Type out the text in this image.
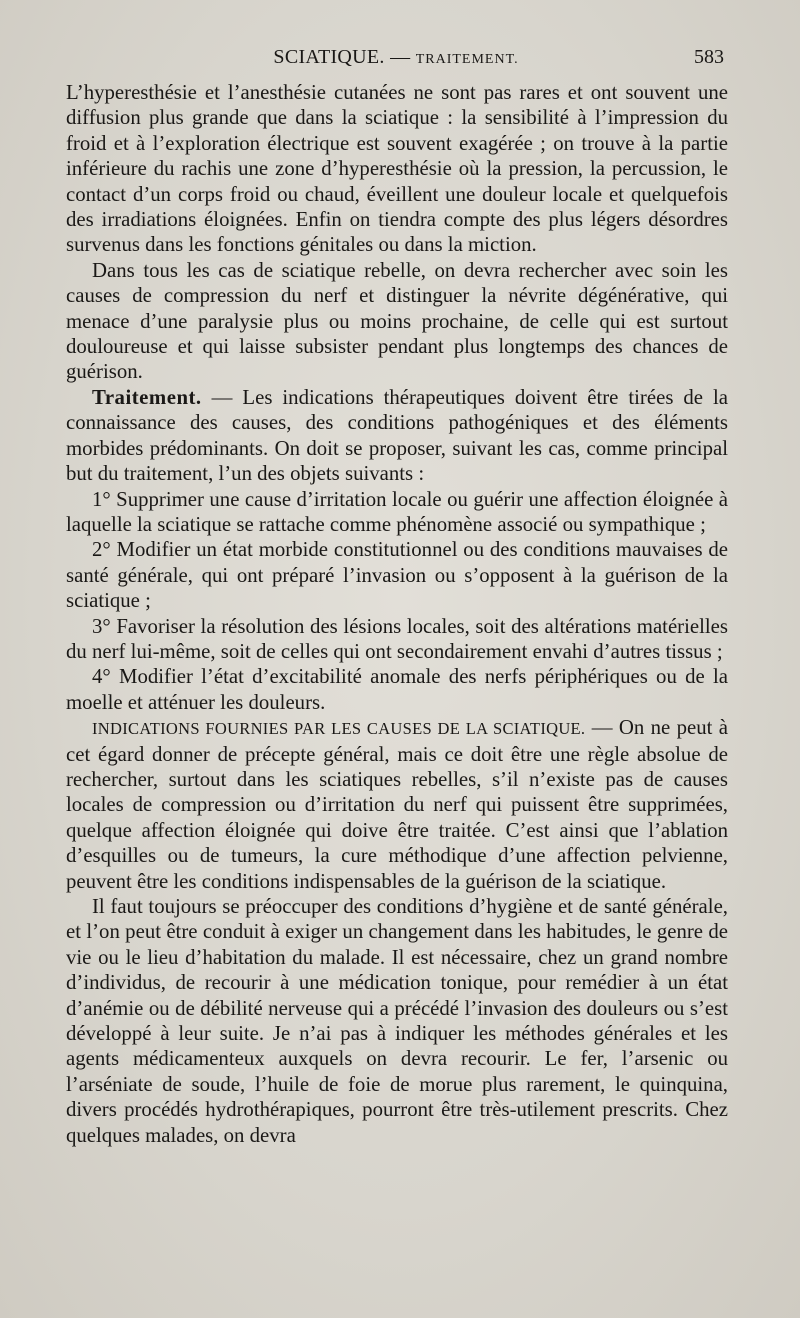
SCIATIQUE. — TRAITEMENT.	583

L’hyperesthésie et l’anesthésie cutanées ne sont pas rares et ont souvent une diffusion plus grande que dans la sciatique : la sensibilité à l’impression du froid et à l’exploration électrique est souvent exagérée ; on trouve à la partie inférieure du rachis une zone d’hyperesthésie où la pression, la percussion, le contact d’un corps froid ou chaud, éveillent une douleur locale et quelquefois des irradiations éloignées. Enfin on tiendra compte des plus légers désordres survenus dans les fonctions génitales ou dans la miction.

Dans tous les cas de sciatique rebelle, on devra rechercher avec soin les causes de compression du nerf et distinguer la névrite dégénérative, qui menace d’une paralysie plus ou moins prochaine, de celle qui est surtout douloureuse et qui laisse subsister pendant plus longtemps des chances de guérison.

Traitement. — Les indications thérapeutiques doivent être tirées de la connaissance des causes, des conditions pathogéniques et des éléments morbides prédominants. On doit se proposer, suivant les cas, comme principal but du traitement, l’un des objets suivants :

1° Supprimer une cause d’irritation locale ou guérir une affection éloignée à laquelle la sciatique se rattache comme phénomène associé ou sympathique ;

2° Modifier un état morbide constitutionnel ou des conditions mauvaises de santé générale, qui ont préparé l’invasion ou s’opposent à la guérison de la sciatique ;

3° Favoriser la résolution des lésions locales, soit des altérations matérielles du nerf lui-même, soit de celles qui ont secondairement envahi d’autres tissus ;

4° Modifier l’état d’excitabilité anomale des nerfs périphériques ou de la moelle et atténuer les douleurs.

INDICATIONS FOURNIES PAR LES CAUSES DE LA SCIATIQUE. — On ne peut à cet égard donner de précepte général, mais ce doit être une règle absolue de rechercher, surtout dans les sciatiques rebelles, s’il n’existe pas de causes locales de compression ou d’irritation du nerf qui puissent être supprimées, quelque affection éloignée qui doive être traitée. C’est ainsi que l’ablation d’esquilles ou de tumeurs, la cure méthodique d’une affection pelvienne, peuvent être les conditions indispensables de la guérison de la sciatique.

Il faut toujours se préoccuper des conditions d’hygiène et de santé générale, et l’on peut être conduit à exiger un changement dans les habitudes, le genre de vie ou le lieu d’habitation du malade. Il est nécessaire, chez un grand nombre d’individus, de recourir à une médication tonique, pour remédier à un état d’anémie ou de débilité nerveuse qui a précédé l’invasion des douleurs ou s’est développé à leur suite. Je n’ai pas à indiquer les méthodes générales et les agents médicamenteux auxquels on devra recourir. Le fer, l’arsenic ou l’arséniate de soude, l’huile de foie de morue plus rarement, le quinquina, divers procédés hydrothérapiques, pourront être très-utilement prescrits. Chez quelques malades, on devra
